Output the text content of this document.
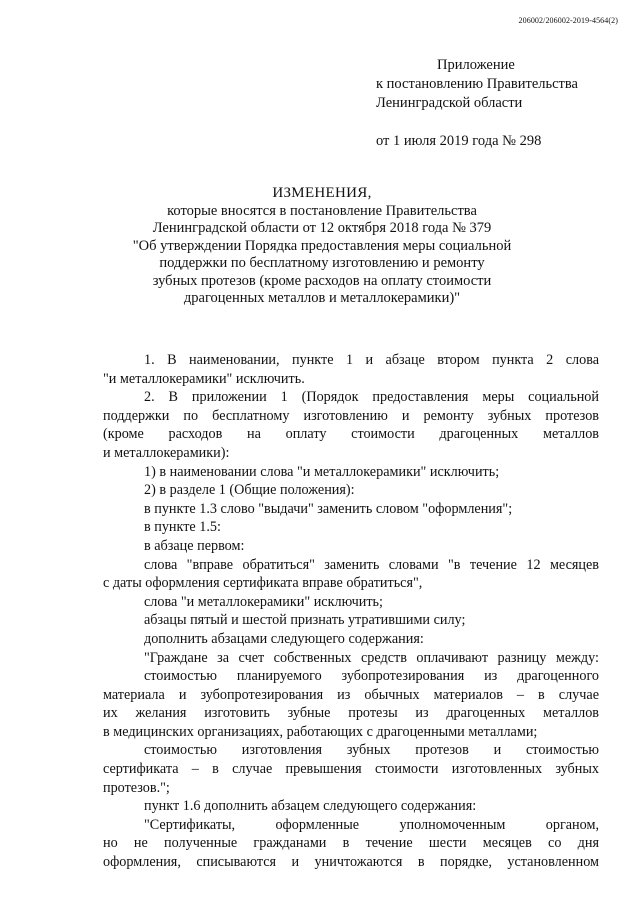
206002/206002-2019-4564(2)
Приложение
к постановлению Правительства
Ленинградской области
от 1 июля 2019 года № 298
ИЗМЕНЕНИЯ,
которые вносятся в постановление Правительства
Ленинградской области от 12 октября 2018 года № 379
"Об утверждении Порядка предоставления меры социальной
поддержки по бесплатному изготовлению и ремонту
зубных протезов (кроме расходов на оплату стоимости
драгоценных металлов и металлокерамики)"
1. В наименовании, пункте 1 и абзаце втором пункта 2 слова
"и металлокерамики" исключить.
2. В приложении 1 (Порядок предоставления меры социальной
поддержки по бесплатному изготовлению и ремонту зубных протезов
(кроме расходов на оплату стоимости драгоценных металлов
и металлокерамики):
1) в наименовании слова "и металлокерамики" исключить;
2) в разделе 1 (Общие положения):
в пункте 1.3 слово "выдачи" заменить словом "оформления";
в пункте 1.5:
в абзаце первом:
слова "вправе обратиться" заменить словами "в течение 12 месяцев
с даты оформления сертификата вправе обратиться",
слова "и металлокерамики" исключить;
абзацы пятый и шестой признать утратившими силу;
дополнить абзацами следующего содержания:
"Граждане за счет собственных средств оплачивают разницу между:
стоимостью планируемого зубопротезирования из драгоценного
материала и зубопротезирования из обычных материалов – в случае
их желания изготовить зубные протезы из драгоценных металлов
в медицинских организациях, работающих с драгоценными металлами;
стоимостью изготовления зубных протезов и стоимостью
сертификата – в случае превышения стоимости изготовленных зубных
протезов.";
пункт 1.6 дополнить абзацем следующего содержания:
"Сертификаты, оформленные уполномоченным органом,
но не полученные гражданами в течение шести месяцев со дня
оформления, списываются и уничтожаются в порядке, установленном
